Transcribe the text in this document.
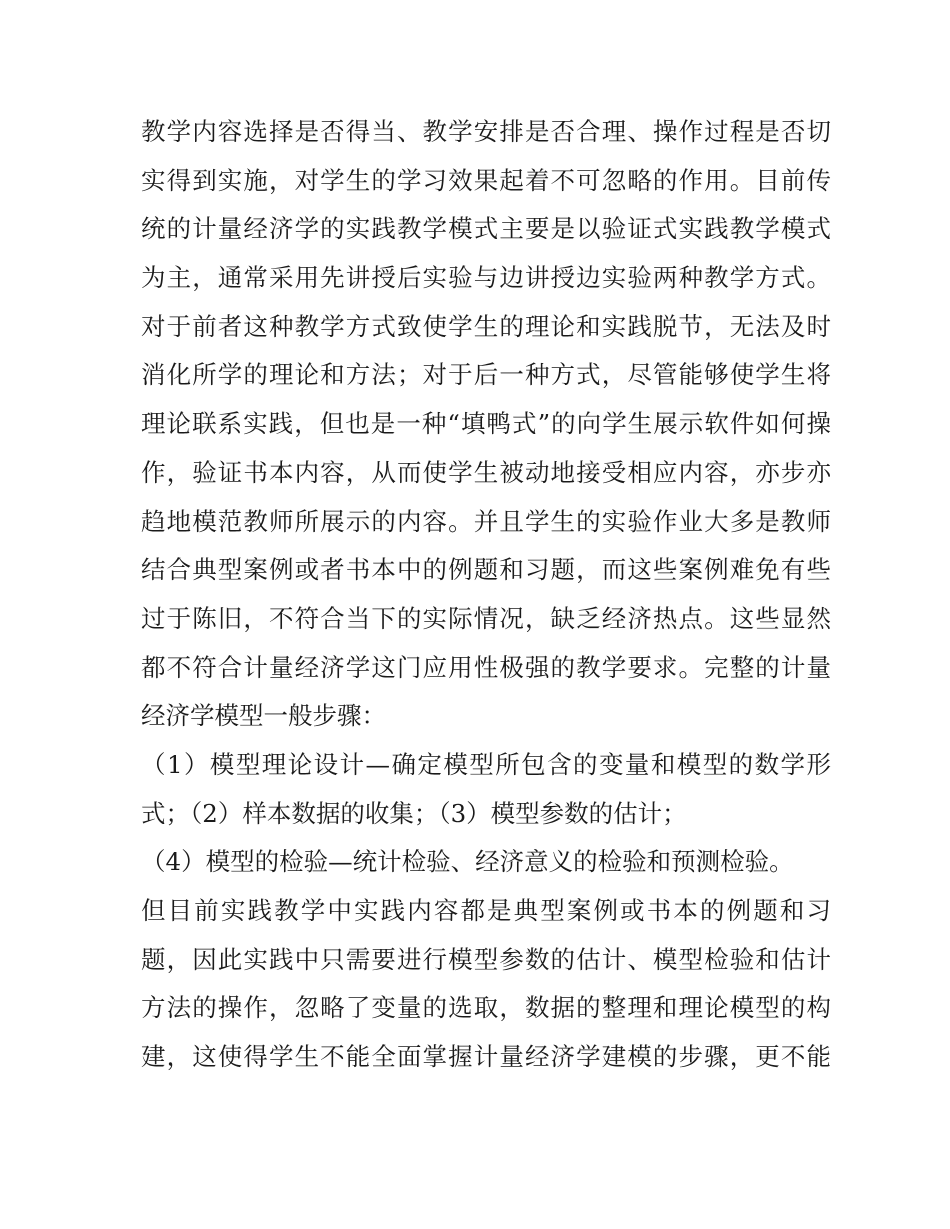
教学内容选择是否得当、教学安排是否合理、操作过程是否切
实得到实施，对学生的学习效果起着不可忽略的作用。目前传
统的计量经济学的实践教学模式主要是以验证式实践教学模式
为主，通常采用先讲授后实验与边讲授边实验两种教学方式。
对于前者这种教学方式致使学生的理论和实践脱节，无法及时
消化所学的理论和方法；对于后一种方式，尽管能够使学生将
理论联系实践，但也是一种“填鸭式”的向学生展示软件如何操
作，验证书本内容，从而使学生被动地接受相应内容，亦步亦
趋地模范教师所展示的内容。并且学生的实验作业大多是教师
结合典型案例或者书本中的例题和习题，而这些案例难免有些
过于陈旧，不符合当下的实际情况，缺乏经济热点。这些显然
都不符合计量经济学这门应用性极强的教学要求。完整的计量
经济学模型一般步骤：
（1）模型理论设计—确定模型所包含的变量和模型的数学形
式；（2）样本数据的收集；（3）模型参数的估计；
（4）模型的检验—统计检验、经济意义的检验和预测检验。
但目前实践教学中实践内容都是典型案例或书本的例题和习
题，因此实践中只需要进行模型参数的估计、模型检验和估计
方法的操作，忽略了变量的选取，数据的整理和理论模型的构
建，这使得学生不能全面掌握计量经济学建模的步骤，更不能
